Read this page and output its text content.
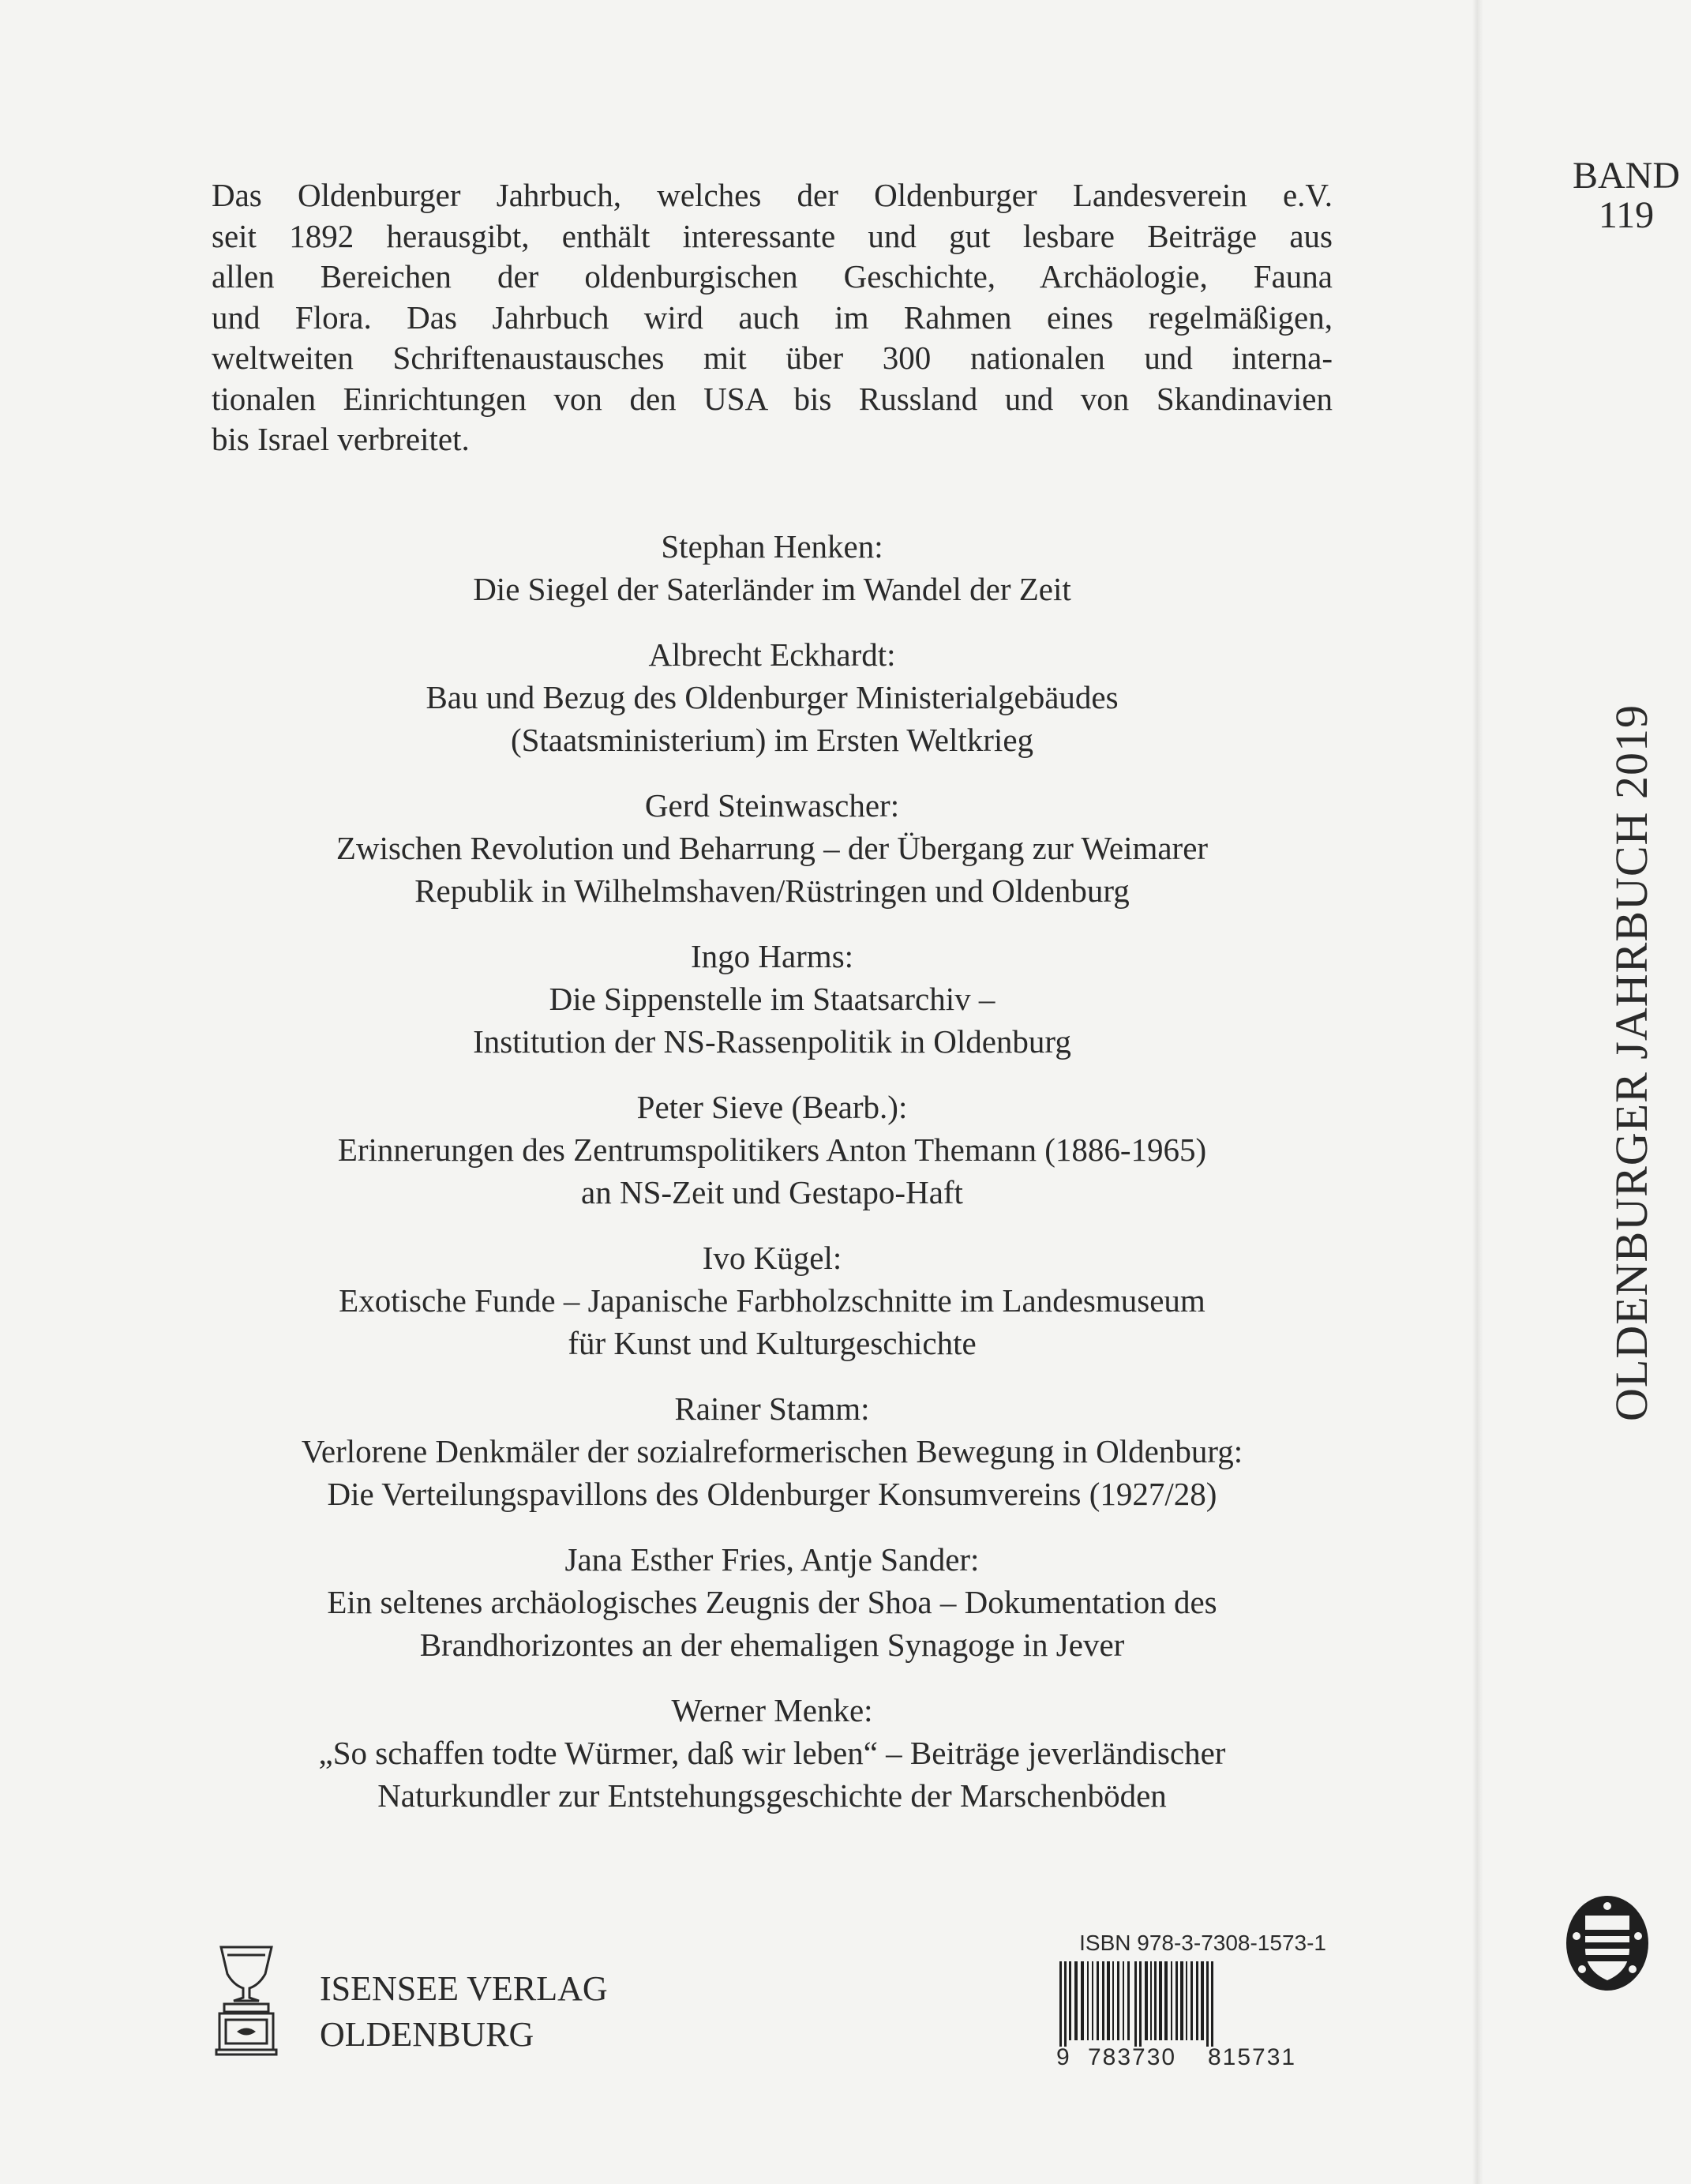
Das Oldenburger Jahrbuch, welches der Oldenburger Landesverein e.V.
seit 1892 herausgibt, enthält interessante und gut lesbare Beiträge aus
allen Bereichen der oldenburgischen Geschichte, Archäologie, Fauna
und Flora. Das Jahrbuch wird auch im Rahmen eines regelmäßigen,
weltweiten Schriftenaustausches mit über 300 nationalen und interna-
tionalen Einrichtungen von den USA bis Russland und von Skandinavien
bis Israel verbreitet.

Stephan Henken:
Die Siegel der Saterländer im Wandel der Zeit
Albrecht Eckhardt:
Bau und Bezug des Oldenburger Ministerialgebäudes
(Staatsministerium) im Ersten Weltkrieg
Gerd Steinwascher:
Zwischen Revolution und Beharrung – der Übergang zur Weimarer
Republik in Wilhelmshaven/Rüstringen und Oldenburg
Ingo Harms:
Die Sippenstelle im Staatsarchiv –
Institution der NS-Rassenpolitik in Oldenburg
Peter Sieve (Bearb.):
Erinnerungen des Zentrumspolitikers Anton Themann (1886-1965)
an NS-Zeit und Gestapo-Haft
Ivo Kügel:
Exotische Funde – Japanische Farbholzschnitte im Landesmuseum
für Kunst und Kulturgeschichte
Rainer Stamm:
Verlorene Denkmäler der sozialreformerischen Bewegung in Oldenburg:
Die Verteilungspavillons des Oldenburger Konsumvereins (1927/28)
Jana Esther Fries, Antje Sander:
Ein seltenes archäologisches Zeugnis der Shoa – Dokumentation des
Brandhorizontes an der ehemaligen Synagoge in Jever
Werner Menke:
„So schaffen todte Würmer, daß wir leben“ – Beiträge jeverländischer
Naturkundler zur Entstehungsgeschichte der Marschenböden
BAND
119
OLDENBURGER JAHRBUCH 2019
ISENSEE VERLAG
OLDENBURG
ISBN 978-3-7308-1573-1
9 783730 815731
